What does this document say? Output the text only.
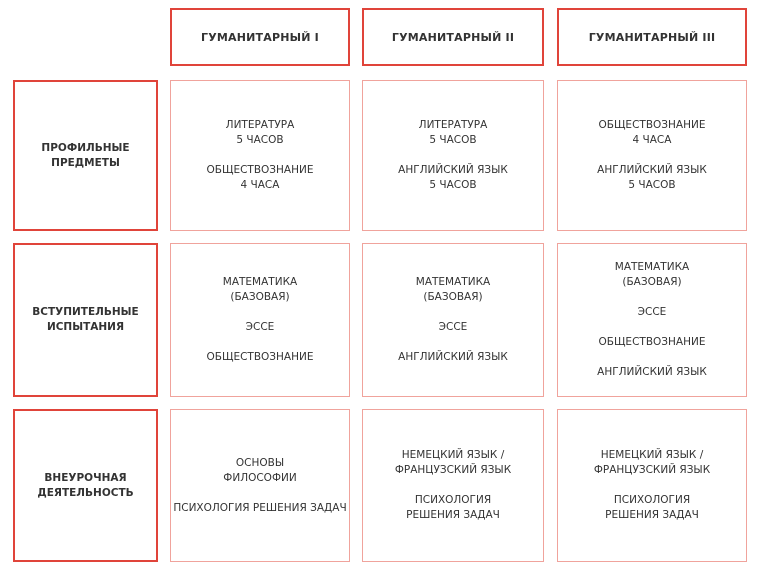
ГУМАНИТАРНЫЙ I	ГУМАНИТАРНЫЙ II	ГУМАНИТАРНЫЙ III
ПРОФИЛЬНЫЕ
ПРЕДМЕТЫ
ВСТУПИТЕЛЬНЫЕ
ИСПЫТАНИЯ
ВНЕУРОЧНАЯ
ДЕЯТЕЛЬНОСТЬ
ЛИТЕРАТУРА
5 ЧАСОВ
ОБЩЕСТВОЗНАНИЕ
4 ЧАСА
ЛИТЕРАТУРА
5 ЧАСОВ
АНГЛИЙСКИЙ ЯЗЫК
5 ЧАСОВ
ОБЩЕСТВОЗНАНИЕ
4 ЧАСА
АНГЛИЙСКИЙ ЯЗЫК
5 ЧАСОВ
МАТЕМАТИКА
(БАЗОВАЯ)
ЭССЕ
ОБЩЕСТВОЗНАНИЕ
МАТЕМАТИКА
(БАЗОВАЯ)
ЭССЕ
АНГЛИЙСКИЙ ЯЗЫК
МАТЕМАТИКА
(БАЗОВАЯ)
ЭССЕ
ОБЩЕСТВОЗНАНИЕ
АНГЛИЙСКИЙ ЯЗЫК
ОСНОВЫ
ФИЛОСОФИИ
ПСИХОЛОГИЯ РЕШЕНИЯ ЗАДАЧ
НЕМЕЦКИЙ ЯЗЫК /
ФРАНЦУЗСКИЙ ЯЗЫК
ПСИХОЛОГИЯ
РЕШЕНИЯ ЗАДАЧ
НЕМЕЦКИЙ ЯЗЫК /
ФРАНЦУЗСКИЙ ЯЗЫК
ПСИХОЛОГИЯ
РЕШЕНИЯ ЗАДАЧ
